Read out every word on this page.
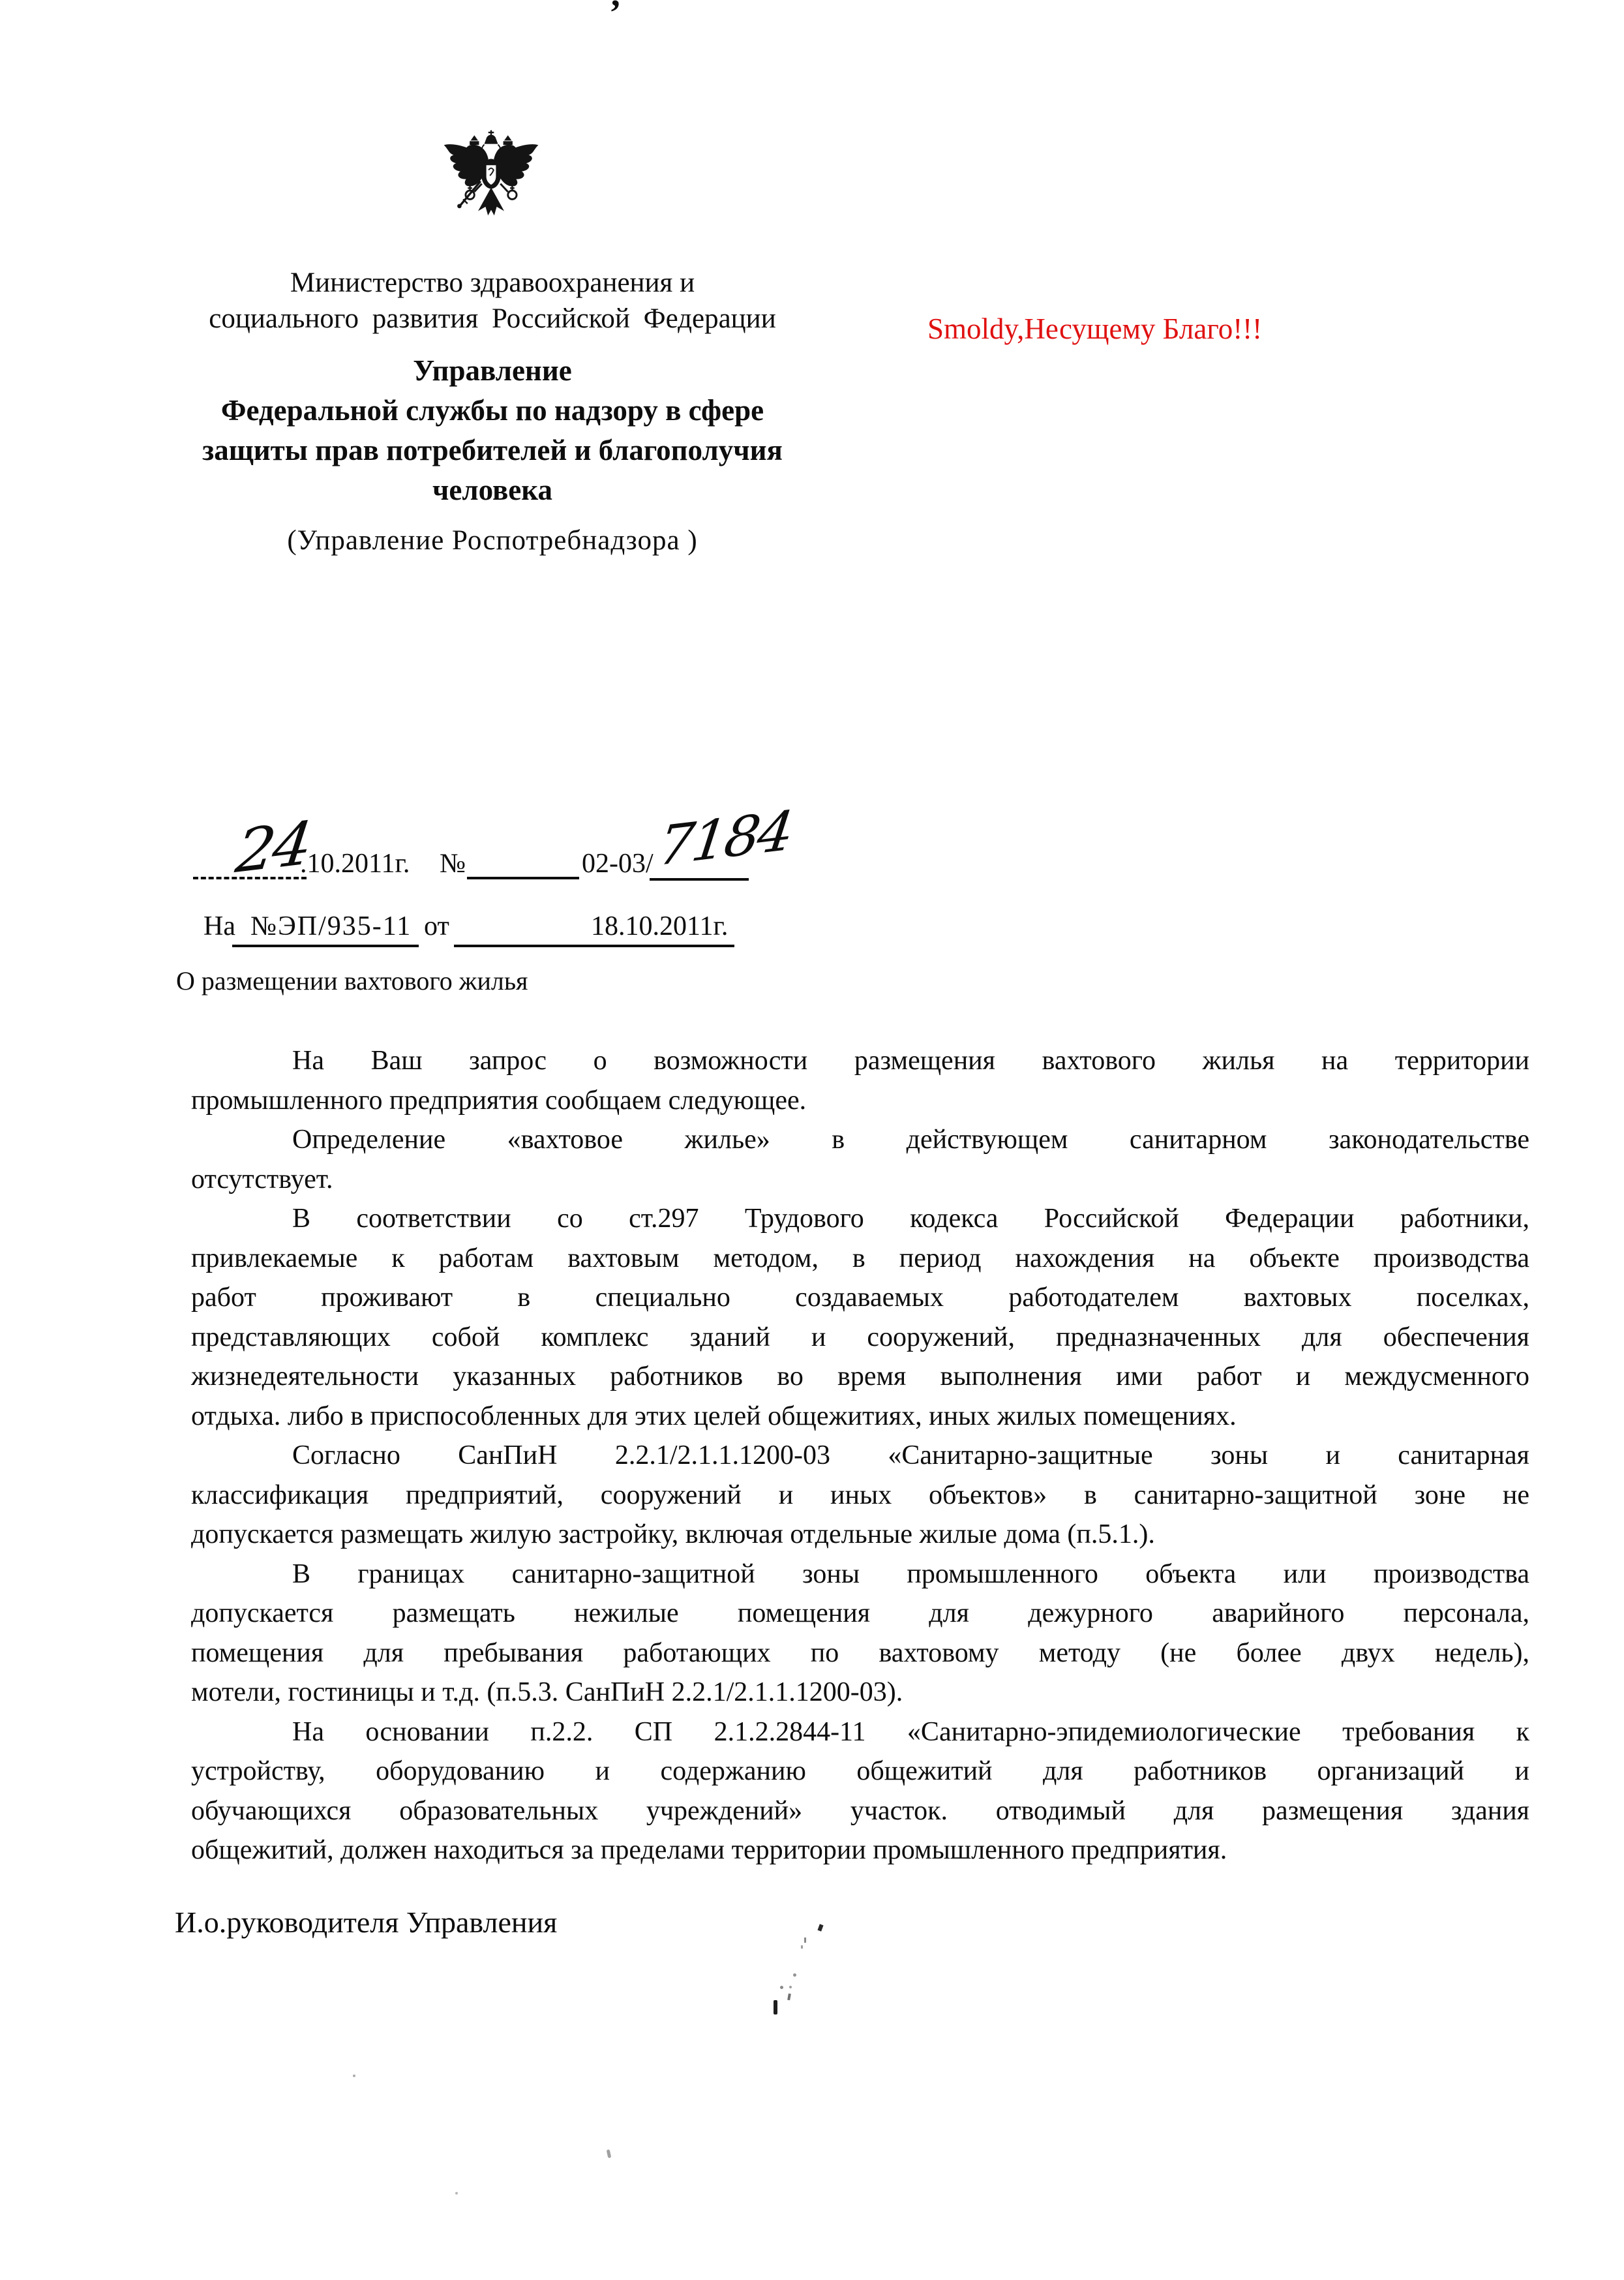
’
Министерство здравоохранения и
социального развития Российской Федерации
Управление
Федеральной службы по надзору в сфере
защиты прав потребителей и благополучия
человека
(Управление Роспотребнадзора )
Smoldy,Несущему Благо!!!
24
.10.2011г. №	02-03/ 7184
На №ЭП/935-11 от	18.10.2011г.
О размещении вахтового жилья
На Ваш запрос о возможности размещения вахтового жилья на территории
промышленного предприятия сообщаем следующее.
Определение «вахтовое жилье» в действующем санитарном законодательстве
отсутствует.
В соответствии со ст.297 Трудового кодекса Российской Федерации работники,
привлекаемые к работам вахтовым методом, в период нахождения на объекте производства
работ проживают в специально создаваемых работодателем вахтовых поселках,
представляющих собой комплекс зданий и сооружений, предназначенных для обеспечения
жизнедеятельности указанных работников во время выполнения ими работ и междусменного
отдыха. либо в приспособленных для этих целей общежитиях, иных жилых помещениях.
Согласно СанПиН 2.2.1/2.1.1.1200-03 «Санитарно-защитные зоны и санитарная
классификация предприятий, сооружений и иных объектов» в санитарно-защитной зоне не
допускается размещать жилую застройку, включая отдельные жилые дома (п.5.1.).
В границах санитарно-защитной зоны промышленного объекта или производства
допускается размещать нежилые помещения для дежурного аварийного персонала,
помещения для пребывания работающих по вахтовому методу (не более двух недель),
мотели, гостиницы и т.д. (п.5.3. СанПиН 2.2.1/2.1.1.1200-03).
На основании п.2.2. СП 2.1.2.2844-11 «Санитарно-эпидемиологические требования к
устройству, оборудованию и содержанию общежитий для работников организаций и
обучающихся образовательных учреждений» участок. отводимый для размещения здания
общежитий, должен находиться за пределами территории промышленного предприятия.
И.о.руководителя Управления
